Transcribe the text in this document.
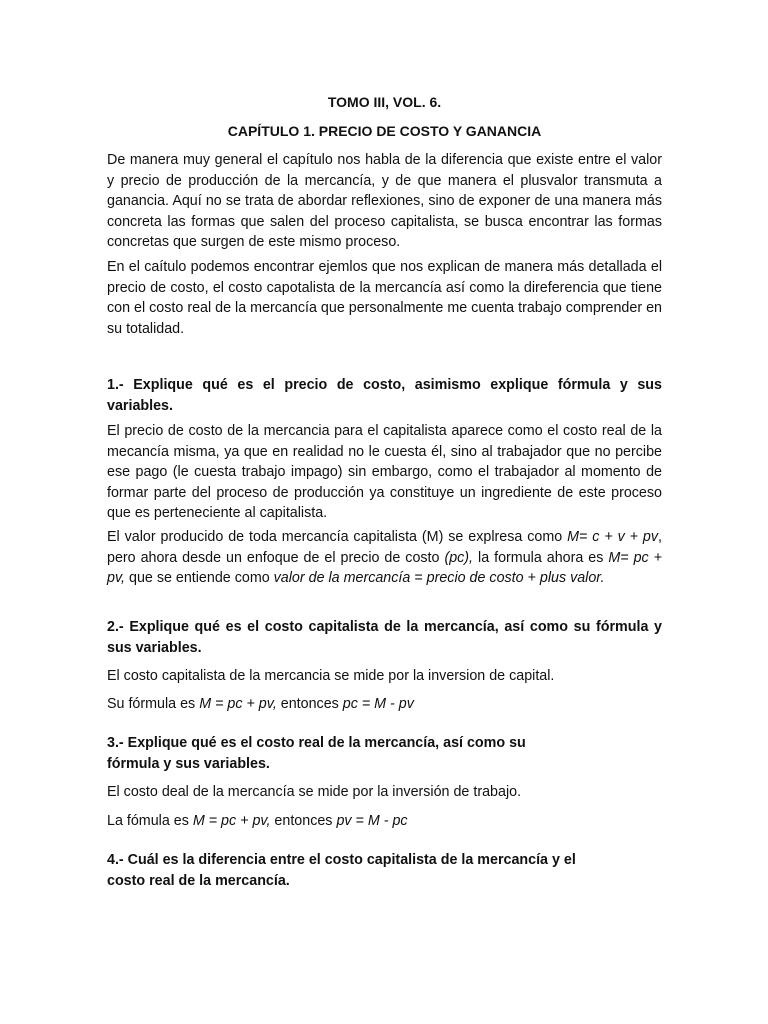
TOMO III, VOL. 6.
CAPÍTULO 1. PRECIO DE COSTO Y GANANCIA
De manera muy general el capítulo nos habla de la diferencia que existe entre el valor y precio de producción de la mercancía, y de que manera el plusvalor transmuta a ganancia. Aquí no se trata de abordar reflexiones, sino de exponer de una manera más concreta las formas que salen del proceso capitalista, se busca encontrar las formas concretas que surgen de este mismo proceso.
En el caítulo podemos encontrar ejemlos que nos explican de manera más detallada el precio de costo, el costo capotalista de la mercancía así como la direferencia que tiene con el costo real de la mercancía que personalmente me cuenta trabajo comprender en su totalidad.
1.- Explique qué es el precio de costo, asimismo explique fórmula y sus variables.
El precio de costo de la mercancia para el capitalista aparece como el costo real de la mecancía misma, ya que en realidad no le cuesta él, sino al trabajador que no percibe ese pago (le cuesta trabajo impago) sin embargo, como el trabajador al momento de formar parte del proceso de producción ya constituye un ingrediente de este proceso que es perteneciente al capitalista.
El valor producido de toda mercancía capitalista (M) se explresa como M= c + v + pv, pero ahora desde un enfoque de el precio de costo (pc), la formula ahora es M= pc + pv, que se entiende como valor de la mercancía = precio de costo + plus valor.
2.- Explique qué es el costo capitalista de la mercancía, así como su fórmula y sus variables.
El costo capitalista de la mercancia se mide por la inversion de capital.
Su fórmula es M = pc + pv, entonces pc = M - pv
3.- Explique qué es el costo real de la mercancía, así como su fórmula y sus variables.
El costo deal de la mercancía se mide por la inversión de trabajo.
La fómula es M = pc + pv, entonces pv = M - pc
4.- Cuál es la diferencia entre el costo capitalista de la mercancía y el costo real de la mercancía.
